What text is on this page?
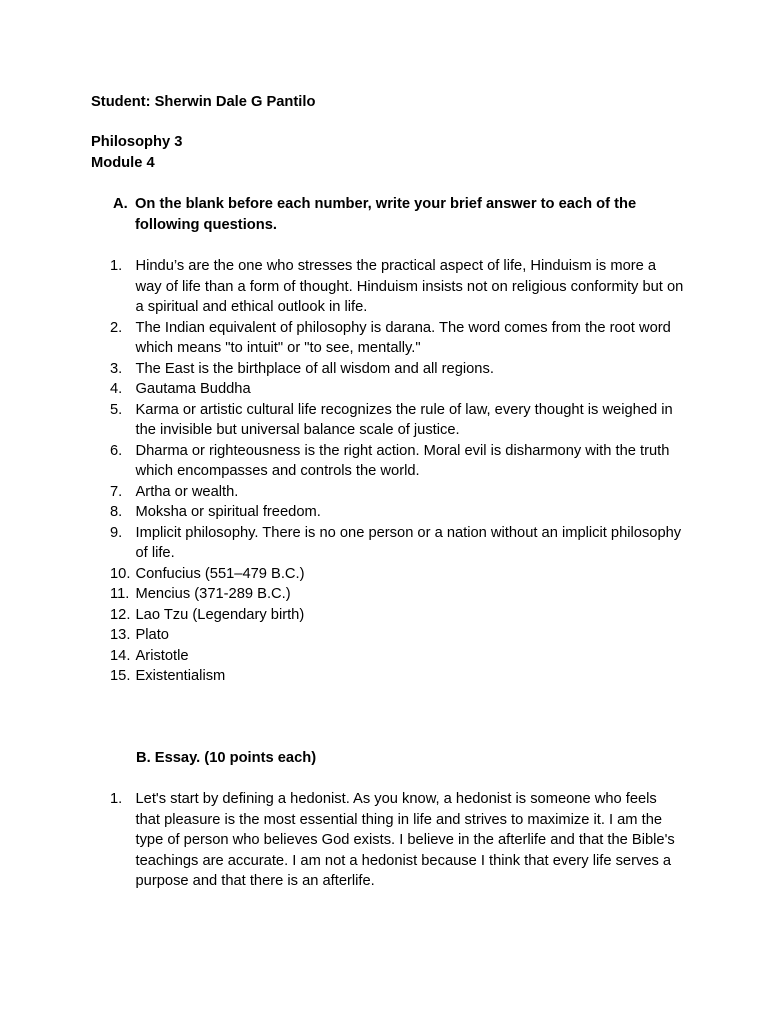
Student: Sherwin Dale G Pantilo
Philosophy 3
Module 4
A. On the blank before each number, write your brief answer to each of the following questions.
1. Hindu’s are the one who stresses the practical aspect of life, Hinduism is more a way of life than a form of thought. Hinduism insists not on religious conformity but on a spiritual and ethical outlook in life.
2. The Indian equivalent of philosophy is darana. The word comes from the root word which means "to intuit" or "to see, mentally."
3. The East is the birthplace of all wisdom and all regions.
4. Gautama Buddha
5. Karma or artistic cultural life recognizes the rule of law, every thought is weighed in the invisible but universal balance scale of justice.
6. Dharma or righteousness is the right action. Moral evil is disharmony with the truth which encompasses and controls the world.
7. Artha or wealth.
8. Moksha or spiritual freedom.
9. Implicit philosophy. There is no one person or a nation without an implicit philosophy of life.
10. Confucius (551–479 B.C.)
11. Mencius (371-289 B.C.)
12. Lao Tzu (Legendary birth)
13. Plato
14. Aristotle
15. Existentialism
B. Essay. (10 points each)
1. Let's start by defining a hedonist. As you know, a hedonist is someone who feels that pleasure is the most essential thing in life and strives to maximize it. I am the type of person who believes God exists. I believe in the afterlife and that the Bible's teachings are accurate. I am not a hedonist because I think that every life serves a purpose and that there is an afterlife.
